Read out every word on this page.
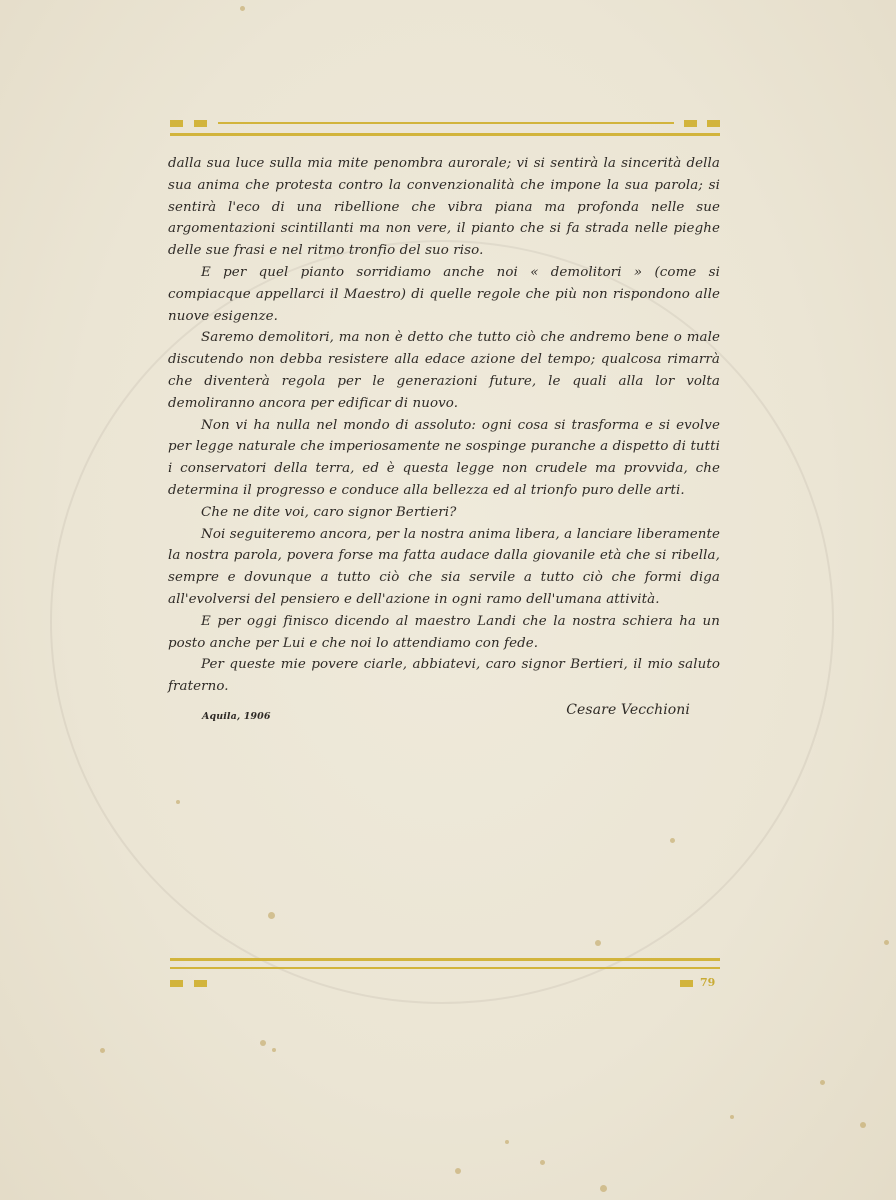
dalla sua luce sulla mia mite penombra aurorale; vi si sentirà la sincerità della sua anima che protesta contro la convenzionalità che impone la sua parola; si sentirà l'eco di una ribellione che vibra piana ma profonda nelle sue argomentazioni scintillanti ma non vere, il pianto che si fa strada nelle pieghe delle sue frasi e nel ritmo tronfio del suo riso.

E per quel pianto sorridiamo anche noi « demolitori » (come si compiacque appellarci il Maestro) di quelle regole che più non rispondono alle nuove esigenze.

Saremo demolitori, ma non è detto che tutto ciò che andremo bene o male discutendo non debba resistere alla edace azione del tempo; qualcosa rimarrà che diventerà regola per le generazioni future, le quali alla lor volta demoliranno ancora per edificar di nuovo.

Non vi ha nulla nel mondo di assoluto: ogni cosa si trasforma e si evolve per legge naturale che imperiosamente ne sospinge puranche a dispetto di tutti i conservatori della terra, ed è questa legge non crudele ma provvida, che determina il progresso e conduce alla bellezza ed al trionfo puro delle arti.

Che ne dite voi, caro signor Bertieri?

Noi seguiteremo ancora, per la nostra anima libera, a lanciare liberamente la nostra parola, povera forse ma fatta audace dalla giovanile età che si ribella, sempre e dovunque a tutto ciò che sia servile a tutto ciò che formi diga all'evolversi del pensiero e dell'azione in ogni ramo dell'umana attività.

E per oggi finisco dicendo al maestro Landi che la nostra schiera ha un posto anche per Lui e che noi lo attendiamo con fede.

Per queste mie povere ciarle, abbiatevi, caro signor Bertieri, il mio saluto fraterno.

Aquila, 1906	Cesare Vecchioni
79
